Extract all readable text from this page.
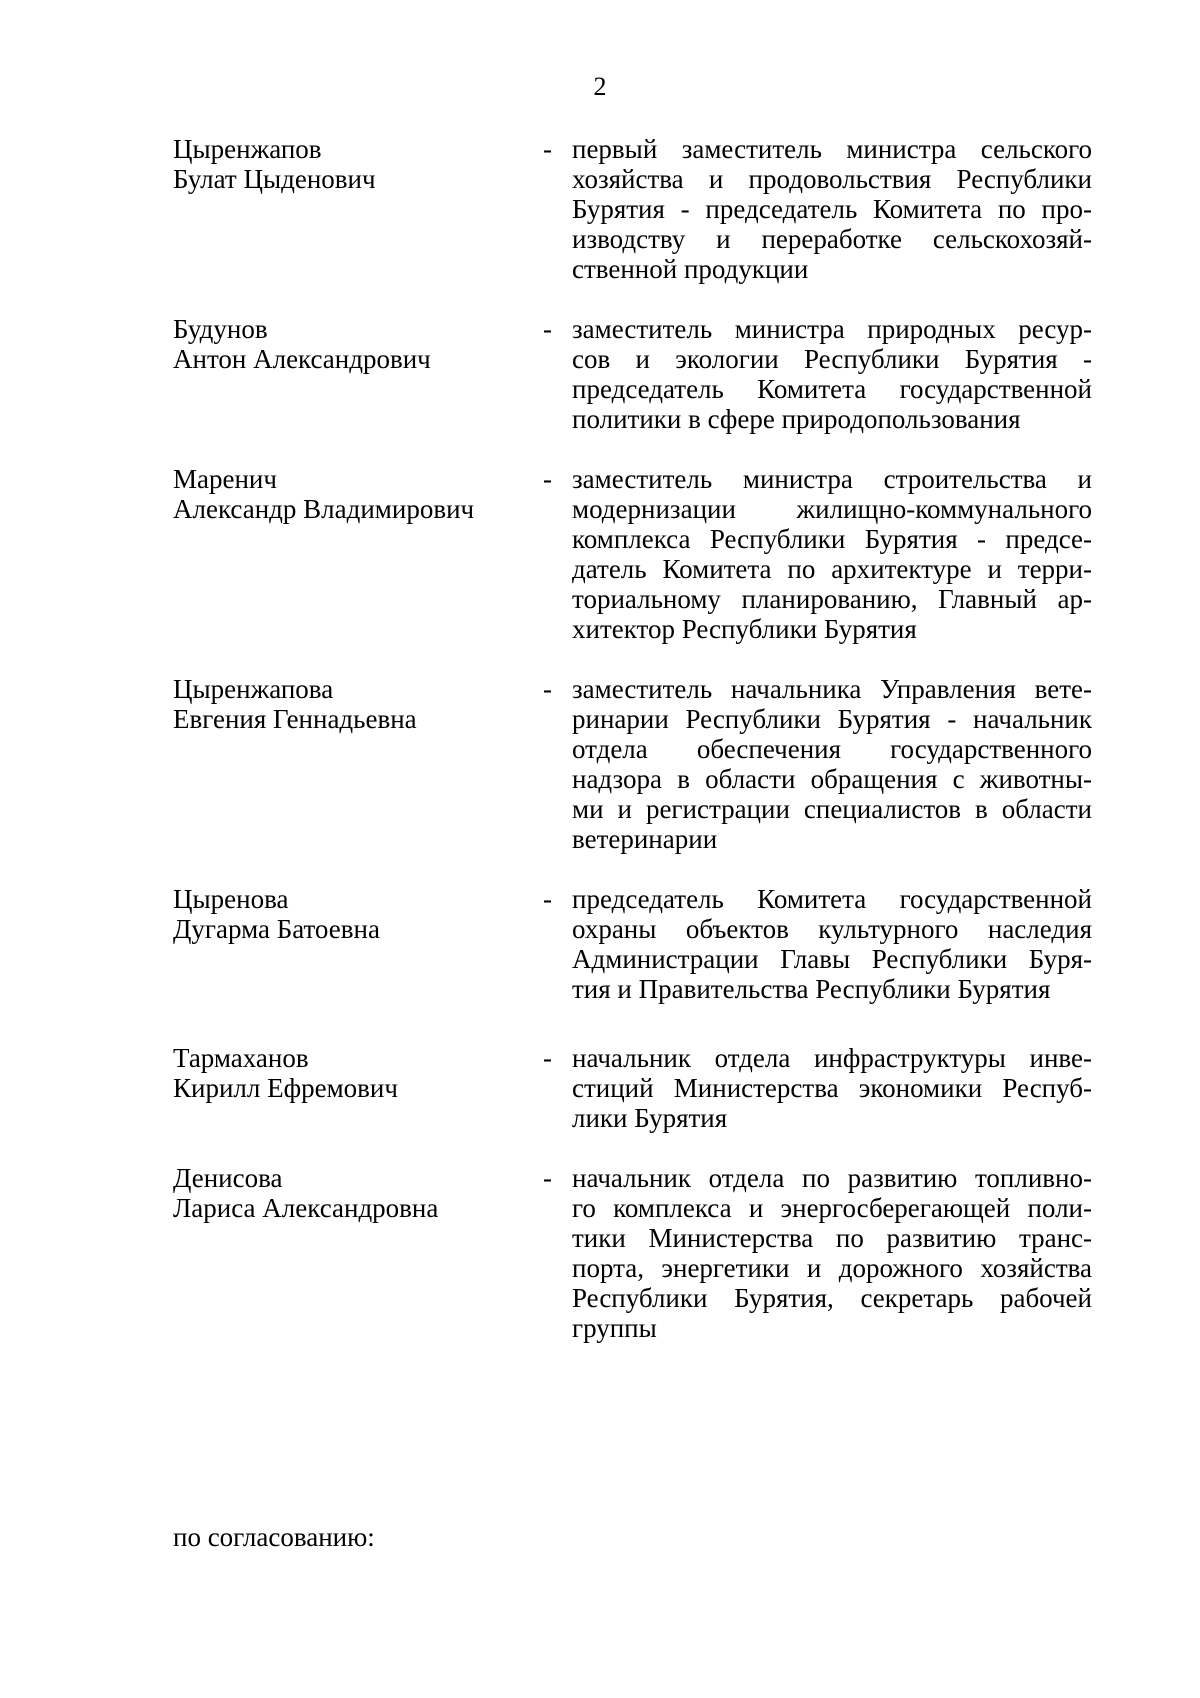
2
Цыренжапов
Булат Цыденович
- первый заместитель министра сельского
хозяйства и продовольствия Республики
Бурятия - председатель Комитета по про-
изводству и переработке сельскохозяй-
ственной продукции
Будунов
Антон Александрович
- заместитель министра природных ресур-
сов и экологии Республики Бурятия -
председатель Комитета государственной
политики в сфере природопользования
Маренич
Александр Владимирович
- заместитель министра строительства и
модернизации жилищно-коммунального
комплекса Республики Бурятия - предсе-
датель Комитета по архитектуре и терри-
ториальному планированию, Главный ар-
хитектор Республики Бурятия
Цыренжапова
Евгения Геннадьевна
- заместитель начальника Управления вете-
ринарии Республики Бурятия - начальник
отдела обеспечения государственного
надзора в области обращения с животны-
ми и регистрации специалистов в области
ветеринарии
Цыренова
Дугарма Батоевна
- председатель Комитета государственной
охраны объектов культурного наследия
Администрации Главы Республики Буря-
тия и Правительства Республики Бурятия
Тармаханов
Кирилл Ефремович
- начальник отдела инфраструктуры инве-
стиций Министерства экономики Респуб-
лики Бурятия
Денисова
Лариса Александровна
- начальник отдела по развитию топливно-
го комплекса и энергосберегающей поли-
тики Министерства по развитию транс-
порта, энергетики и дорожного хозяйства
Республики Бурятия, секретарь рабочей
группы
по согласованию:
